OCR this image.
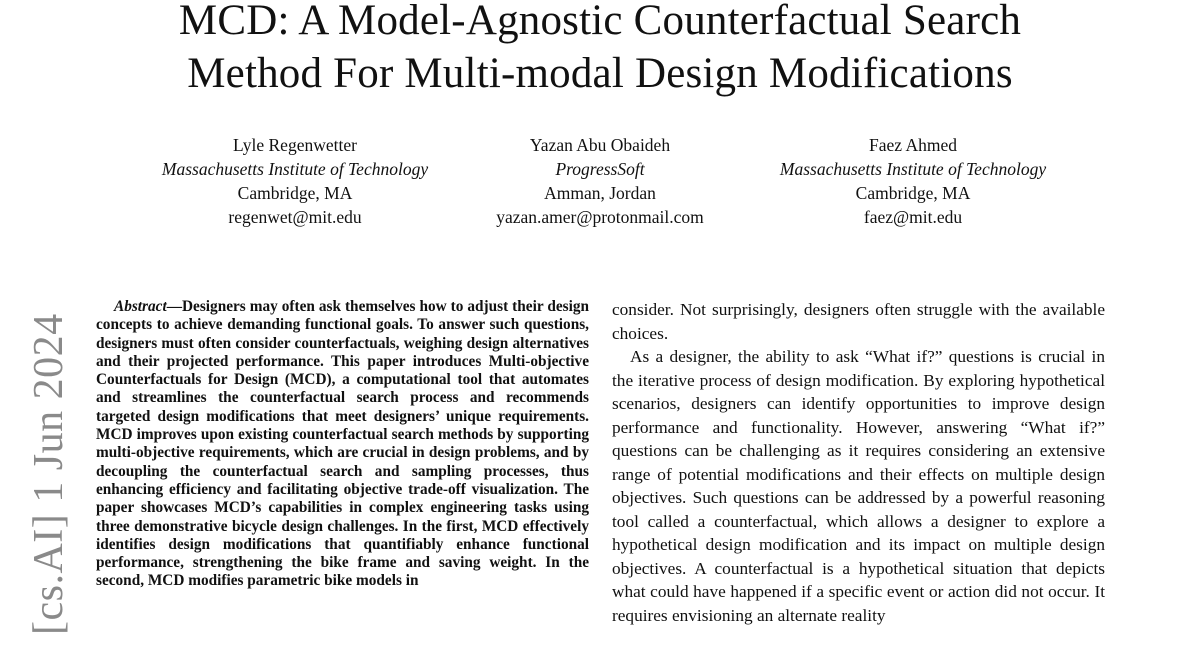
MCD: A Model-Agnostic Counterfactual Search
Method For Multi-modal Design Modifications
Lyle Regenwetter
Massachusetts Institute of Technology
Cambridge, MA
regenwet@mit.edu
Yazan Abu Obaideh
ProgressSoft
Amman, Jordan
yazan.amer@protonmail.com
Faez Ahmed
Massachusetts Institute of Technology
Cambridge, MA
faez@mit.edu
[cs.AI] 1 Jun 2024

Abstract—Designers may often ask themselves how to adjust their design concepts to achieve demanding functional goals. To answer such questions, designers must often consider counterfactuals, weighing design alternatives and their projected performance. This paper introduces Multi-objective Counterfactuals for Design (MCD), a computational tool that automates and streamlines the counterfactual search process and recommends targeted design modifications that meet designers’ unique requirements. MCD improves upon existing counterfactual search methods by supporting multi-objective requirements, which are crucial in design problems, and by decoupling the counterfactual search and sampling processes, thus enhancing efficiency and facilitating objective trade-off visualization. The paper showcases MCD’s capabilities in complex engineering tasks using three demonstrative bicycle design challenges. In the first, MCD effectively identifies design modifications that quantifiably enhance functional performance, strengthening the bike frame and saving weight. In the second, MCD modifies parametric bike models in

consider. Not surprisingly, designers often struggle with the available choices.

As a designer, the ability to ask “What if?” questions is crucial in the iterative process of design modification. By exploring hypothetical scenarios, designers can identify opportunities to improve design performance and functionality. However, answering “What if?” questions can be challenging as it requires considering an extensive range of potential modifications and their effects on multiple design objectives. Such questions can be addressed by a powerful reasoning tool called a counterfactual, which allows a designer to explore a hypothetical design modification and its impact on multiple design objectives. A counterfactual is a hypothetical situation that depicts what could have happened if a specific event or action did not occur. It requires envisioning an alternate reality
